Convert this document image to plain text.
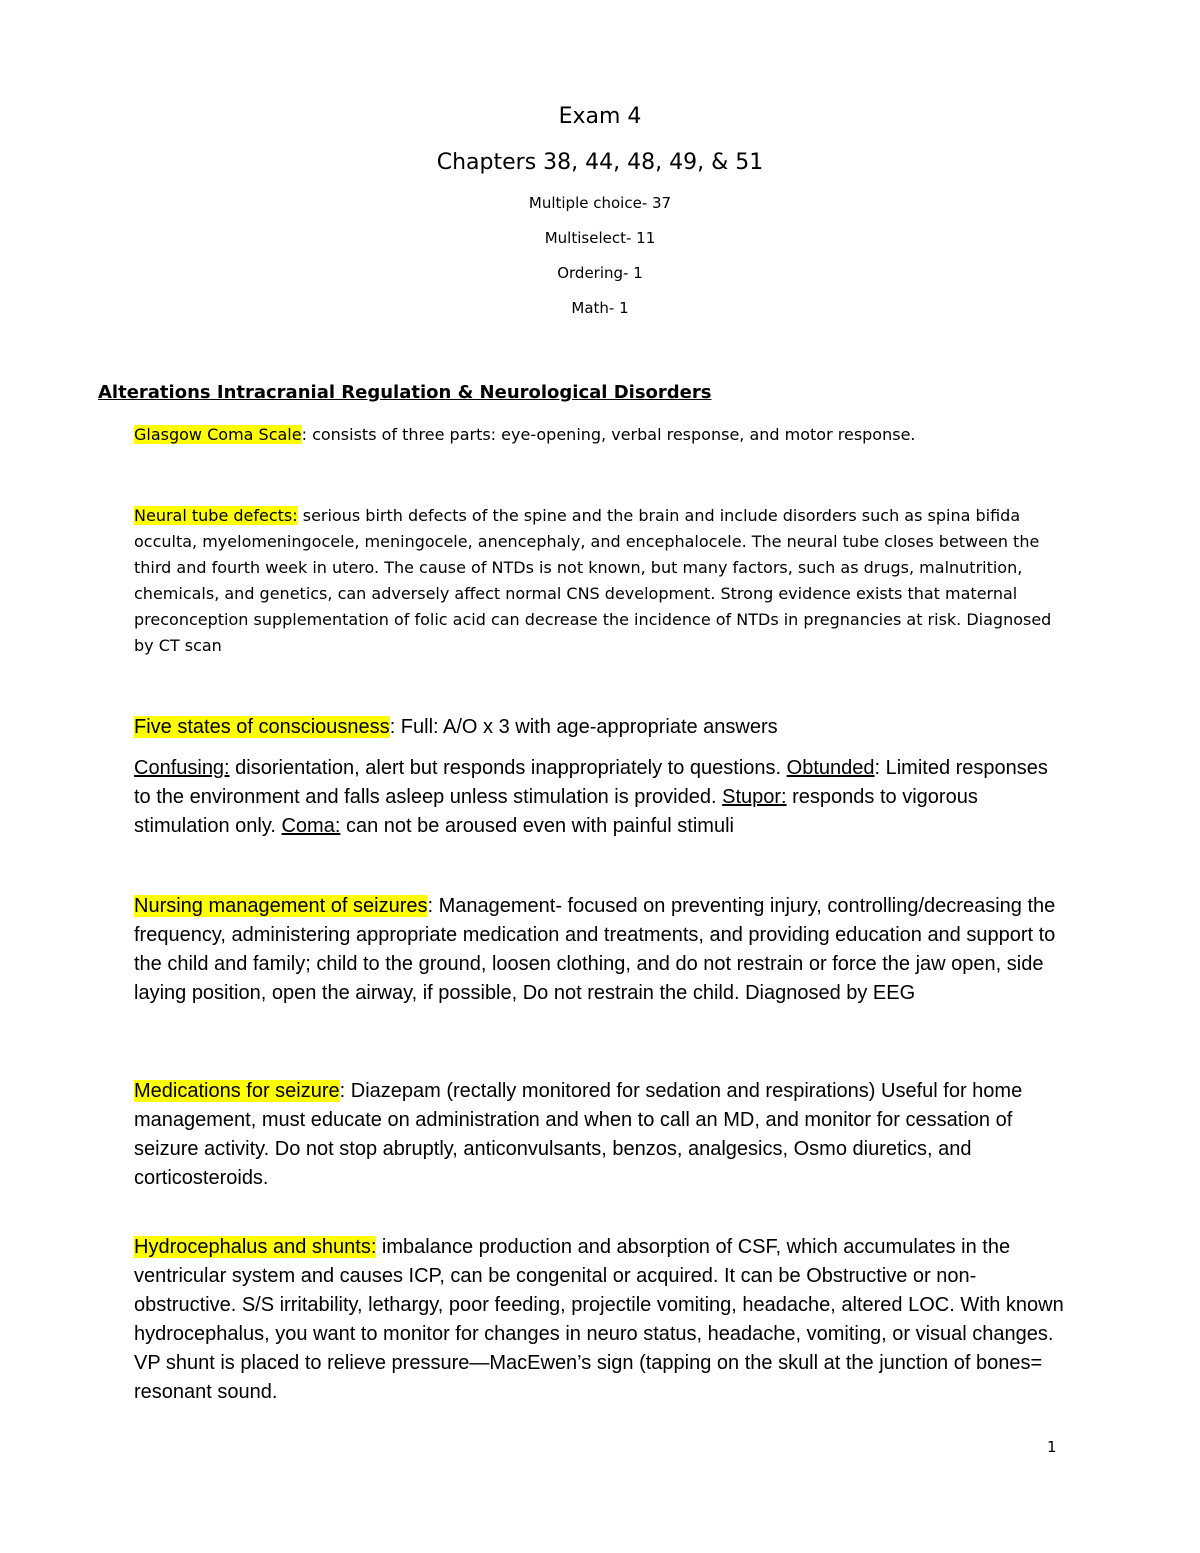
Exam 4
Chapters 38, 44, 48, 49, & 51
Multiple choice- 37
Multiselect- 11
Ordering- 1
Math- 1
Alterations Intracranial Regulation & Neurological Disorders

Glasgow Coma Scale: consists of three parts: eye-opening, verbal response, and motor response.

Neural tube defects: serious birth defects of the spine and the brain and include disorders such as spina bifida occulta, myelomeningocele, meningocele, anencephaly, and encephalocele. The neural tube closes between the third and fourth week in utero. The cause of NTDs is not known, but many factors, such as drugs, malnutrition, chemicals, and genetics, can adversely affect normal CNS development. Strong evidence exists that maternal preconception supplementation of folic acid can decrease the incidence of NTDs in pregnancies at risk. Diagnosed by CT scan

Five states of consciousness: Full: A/O x 3 with age-appropriate answers

Confusing: disorientation, alert but responds inappropriately to questions. Obtunded: Limited responses to the environment and falls asleep unless stimulation is provided. Stupor: responds to vigorous stimulation only. Coma: can not be aroused even with painful stimuli

Nursing management of seizures: Management- focused on preventing injury, controlling/decreasing the frequency, administering appropriate medication and treatments, and providing education and support to the child and family; child to the ground, loosen clothing, and do not restrain or force the jaw open, side laying position, open the airway, if possible, Do not restrain the child. Diagnosed by EEG

Medications for seizure: Diazepam (rectally monitored for sedation and respirations) Useful for home management, must educate on administration and when to call an MD, and monitor for cessation of seizure activity. Do not stop abruptly, anticonvulsants, benzos, analgesics, Osmo diuretics, and corticosteroids.

Hydrocephalus and shunts: imbalance production and absorption of CSF, which accumulates in the ventricular system and causes ICP, can be congenital or acquired. It can be Obstructive or non-obstructive. S/S irritability, lethargy, poor feeding, projectile vomiting, headache, altered LOC. With known hydrocephalus, you want to monitor for changes in neuro status, headache, vomiting, or visual changes. VP shunt is placed to relieve pressure—MacEwen’s sign (tapping on the skull at the junction of bones= resonant sound.

1
